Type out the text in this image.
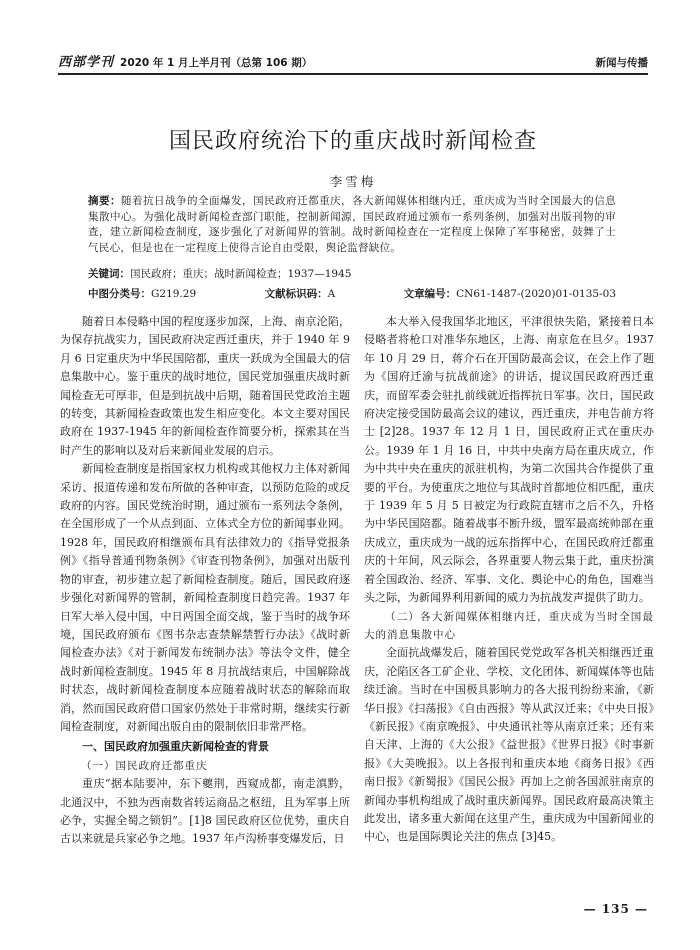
西部学刊 2020 年 1 月上半月刊（总第 106 期）	新闻与传播
国民政府统治下的重庆战时新闻检查
李雪梅
摘要：随着抗日战争的全面爆发，国民政府迁都重庆，各大新闻媒体相继内迁，重庆成为当时全国最大的信息集散中心。为强化战时新闻检查部门职能，控制新闻源，国民政府通过颁布一系列条例，加强对出版刊物的审查，建立新闻检查制度，逐步强化了对新闻界的管制。战时新闻检查在一定程度上保障了军事秘密，鼓舞了士气民心，但是也在一定程度上使得言论自由受限，舆论监督缺位。
关键词：国民政府；重庆；战时新闻检查；1937—1945
中图分类号：G219.29	文献标识码：A	文章编号：CN61-1487-(2020)01-0135-03

随着日本侵略中国的程度逐步加深，上海、南京沦陷，为保存抗战实力，国民政府决定西迁重庆，并于 1940 年 9 月 6 日定重庆为中华民国陪都，重庆一跃成为全国最大的信息集散中心。鉴于重庆的战时地位，国民党加强重庆战时新闻检查无可厚非，但是到抗战中后期，随着国民党政治主题的转变，其新闻检查政策也发生相应变化。本文主要对国民政府在 1937-1945 年的新闻检查作简要分析，探索其在当时产生的影响以及对后来新闻业发展的启示。

新闻检查制度是指国家权力机构或其他权力主体对新闻采访、报道传递和发布所做的各种审查，以预防危险的或反政府的内容。国民党统治时期，通过颁布一系列法令条例，在全国形成了一个从点到面、立体式全方位的新闻事业网。1928 年，国民政府相继颁布具有法律效力的《指导党报条例》《指导普通刊物条例》《审查刊物条例》，加强对出版刊物的审查，初步建立起了新闻检查制度。随后，国民政府逐步强化对新闻界的管制，新闻检查制度日趋完善。1937 年日军大举入侵中国，中日两国全面交战，鉴于当时的战争环境，国民政府颁布《图书杂志查禁解禁暂行办法》《战时新闻检查办法》《对于新闻发布统制办法》等法令文件，健全战时新闻检查制度。1945 年 8 月抗战结束后，中国解除战时状态，战时新闻检查制度本应随着战时状态的解除而取消，然而国民政府借口国家仍然处于非常时期，继续实行新闻检查制度，对新闻出版自由的限制依旧非常严格。

一、国民政府加强重庆新闻检查的背景
（一）国民政府迁都重庆

重庆“据本陆要冲，东下夔荆，西窥成都，南走滇黔，北通汉中，不独为西南数省转运商品之枢纽，且为军事上所必争，实握全蜀之锁钥”。[1]8 国民政府区位优势，重庆自古以来就是兵家必争之地。1937 年卢沟桥事变爆发后，日

本大举入侵我国华北地区，平津很快失陷，紧接着日本侵略者将枪口对准华东地区，上海、南京危在旦夕。1937 年 10 月 29 日，蒋介石在开国防最高会议，在会上作了题为《国府迁渝与抗战前途》的讲话，提议国民政府西迁重庆，而留军委会驻扎前线就近指挥抗日军事。次日，国民政府决定接受国防最高会议的建议，西迁重庆，并电告前方将士 [2]28。1937 年 12 月 1 日，国民政府正式在重庆办公。1939 年 1 月 16 日，中共中央南方局在重庆成立，作为中共中央在重庆的派驻机构，为第二次国共合作提供了重要的平台。为使重庆之地位与其战时首都地位相匹配，重庆于 1939 年 5 月 5 日被定为行政院直辖市之后不久，升格为中华民国陪都。随着战事不断升级，盟军最高统帅部在重庆成立，重庆成为一战的远东指挥中心，在国民政府迁都重庆的十年间，风云际会，各界重要人物云集于此，重庆扮演着全国政治、经济、军事、文化、舆论中心的角色，国难当头之际，为新闻界利用新闻的威力为抗战发声提供了助力。

（二）各大新闻媒体相继内迁，重庆成为当时全国最大的消息集散中心

全面抗战爆发后，随着国民党党政军各机关相继西迁重庆，沦陷区各工矿企业、学校、文化团体、新闻媒体等也陆续迁渝。当时在中国极具影响力的各大报刊纷纷来渝，《新华日报》《扫荡报》《自由西报》等从武汉迁来；《中央日报》《新民报》《南京晚报》、中央通讯社等从南京迁来；还有来自天津、上海的《大公报》《益世报》《世界日报》《时事新报》《大美晚报》。以上各报刊和重庆本地《商务日报》《西南日报》《新蜀报》《国民公报》再加上之前各国派驻南京的新闻办事机构组成了战时重庆新闻界。国民政府最高决策主此发出，诸多重大新闻在这里产生，重庆成为中国新闻业的中心，也是国际舆论关注的焦点 [3]45。

— 135 —
